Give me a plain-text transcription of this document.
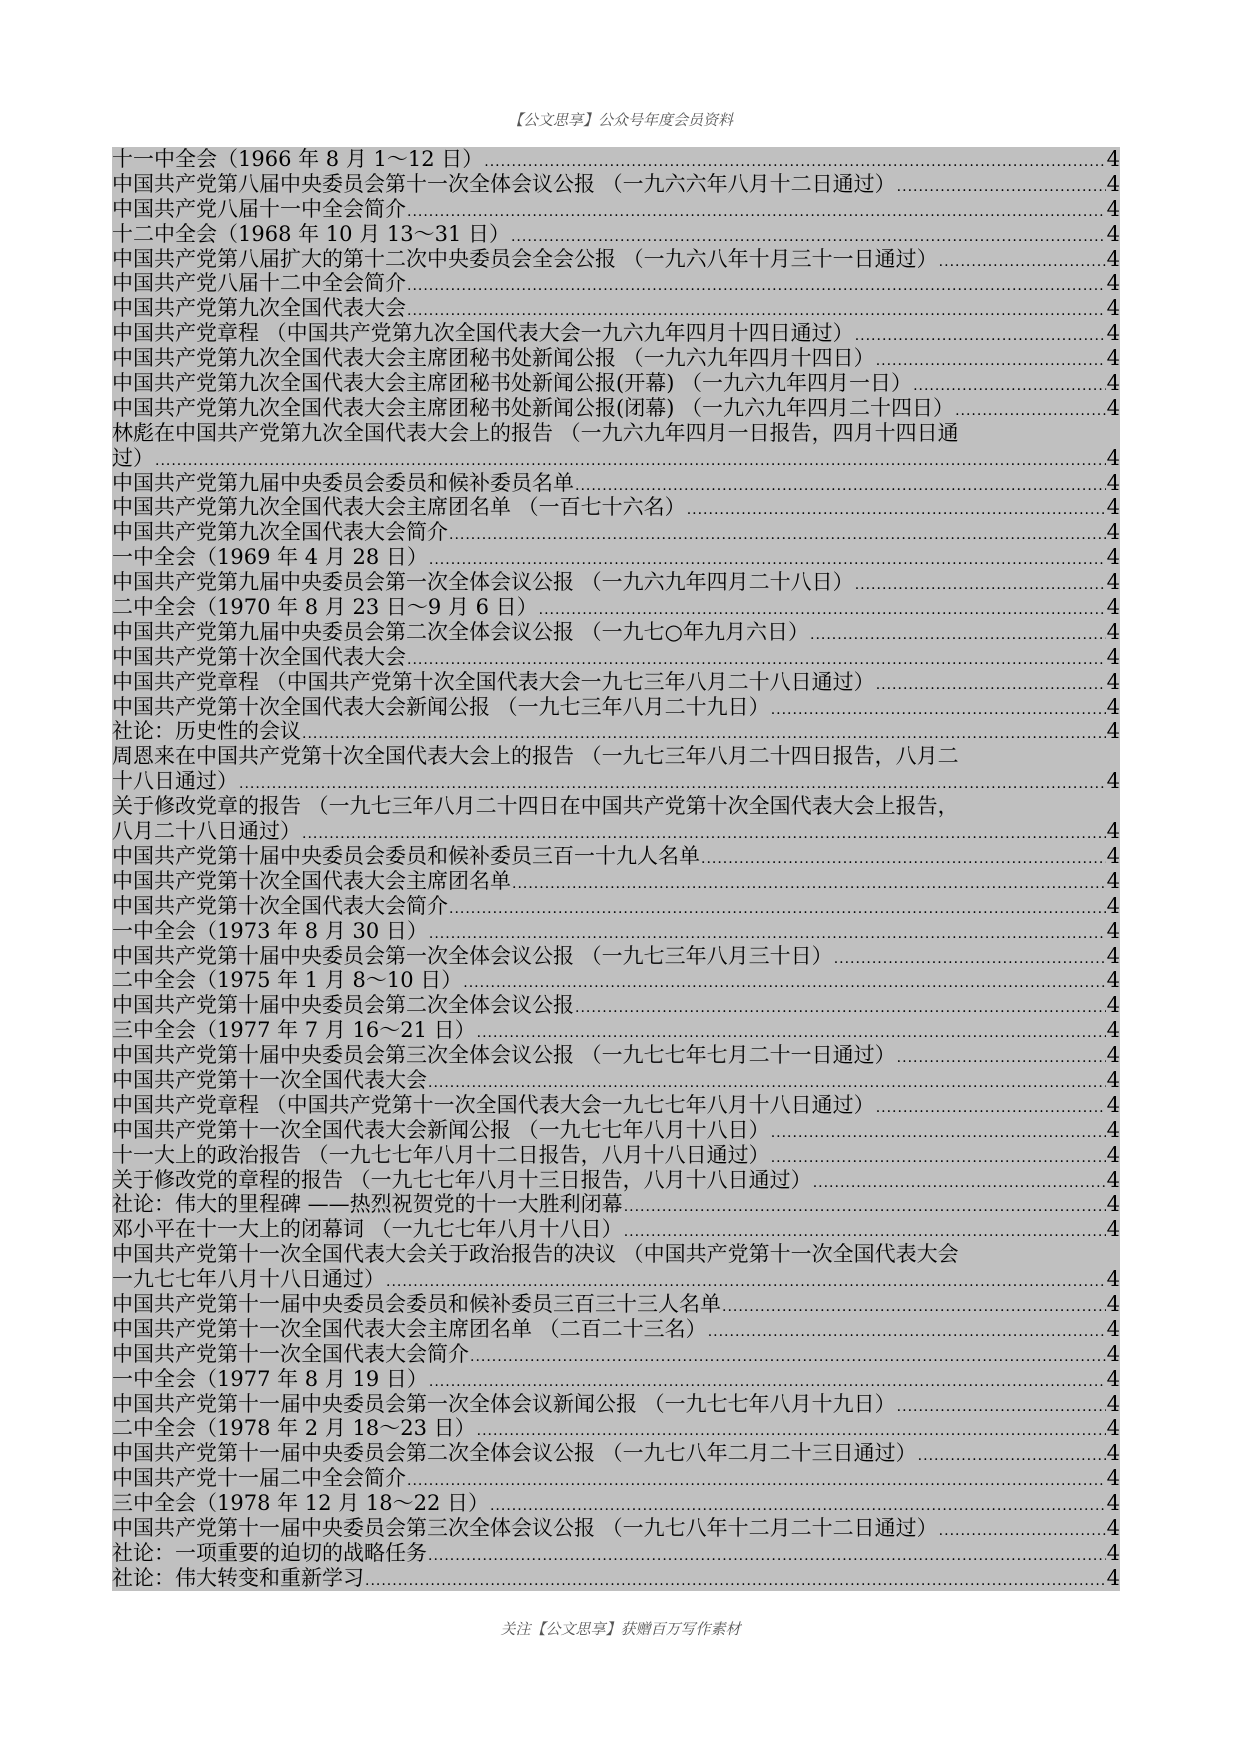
【公文思享】公众号年度会员资料
十一中全会（1966 年 8 月 1～12 日） .....	4
中国共产党第八届中央委员会第十一次全体会议公报 （一九六六年八月十二日通过） .....	4
中国共产党八届十一中全会简介 .....	4
十二中全会（1968 年 10 月 13～31 日） .....	4
中国共产党第八届扩大的第十二次中央委员会全会公报 （一九六八年十月三十一日通过） .....	4
中国共产党八届十二中全会简介 .....	4
中国共产党第九次全国代表大会 .....	4
中国共产党章程 （中国共产党第九次全国代表大会一九六九年四月十四日通过） .....	4
中国共产党第九次全国代表大会主席团秘书处新闻公报 （一九六九年四月十四日） .....	4
中国共产党第九次全国代表大会主席团秘书处新闻公报(开幕) （一九六九年四月一日） .....	4
中国共产党第九次全国代表大会主席团秘书处新闻公报(闭幕) （一九六九年四月二十四日） .....	4
林彪在中国共产党第九次全国代表大会上的报告 （一九六九年四月一日报告，四月十四日通
过） .....	4
中国共产党第九届中央委员会委员和候补委员名单 .....	4
中国共产党第九次全国代表大会主席团名单 （一百七十六名） .....	4
中国共产党第九次全国代表大会简介 .....	4
一中全会（1969 年 4 月 28 日） .....	4
中国共产党第九届中央委员会第一次全体会议公报 （一九六九年四月二十八日） .....	4
二中全会（1970 年 8 月 23 日～9 月 6 日） .....	4
中国共产党第九届中央委员会第二次全体会议公报 （一九七○年九月六日） .....	4
中国共产党第十次全国代表大会 .....	4
中国共产党章程 （中国共产党第十次全国代表大会一九七三年八月二十八日通过） .....	4
中国共产党第十次全国代表大会新闻公报 （一九七三年八月二十九日） .....	4
社论：历史性的会议 .....	4
周恩来在中国共产党第十次全国代表大会上的报告 （一九七三年八月二十四日报告，八月二
十八日通过） .....	4
关于修改党章的报告 （一九七三年八月二十四日在中国共产党第十次全国代表大会上报告，
八月二十八日通过） .....	4
中国共产党第十届中央委员会委员和候补委员三百一十九人名单 .....	4
中国共产党第十次全国代表大会主席团名单 .....	4
中国共产党第十次全国代表大会简介 .....	4
一中全会（1973 年 8 月 30 日） .....	4
中国共产党第十届中央委员会第一次全体会议公报 （一九七三年八月三十日） .....	4
二中全会（1975 年 1 月 8～10 日） .....	4
中国共产党第十届中央委员会第二次全体会议公报 .....	4
三中全会（1977 年 7 月 16～21 日） .....	4
中国共产党第十届中央委员会第三次全体会议公报 （一九七七年七月二十一日通过） .....	4
中国共产党第十一次全国代表大会 .....	4
中国共产党章程 （中国共产党第十一次全国代表大会一九七七年八月十八日通过） .....	4
中国共产党第十一次全国代表大会新闻公报 （一九七七年八月十八日） .....	4
十一大上的政治报告 （一九七七年八月十二日报告，八月十八日通过） .....	4
关于修改党的章程的报告 （一九七七年八月十三日报告，八月十八日通过） .....	4
社论：伟大的里程碑 ——热烈祝贺党的十一大胜利闭幕 .....	4
邓小平在十一大上的闭幕词 （一九七七年八月十八日） .....	4
中国共产党第十一次全国代表大会关于政治报告的决议 （中国共产党第十一次全国代表大会
一九七七年八月十八日通过） .....	4
中国共产党第十一届中央委员会委员和候补委员三百三十三人名单 .....	4
中国共产党第十一次全国代表大会主席团名单 （二百二十三名） .....	4
中国共产党第十一次全国代表大会简介 .....	4
一中全会（1977 年 8 月 19 日） .....	4
中国共产党第十一届中央委员会第一次全体会议新闻公报 （一九七七年八月十九日） .....	4
二中全会（1978 年 2 月 18～23 日） .....	4
中国共产党第十一届中央委员会第二次全体会议公报 （一九七八年二月二十三日通过） .....	4
中国共产党十一届二中全会简介 .....	4
三中全会（1978 年 12 月 18～22 日） .....	4
中国共产党第十一届中央委员会第三次全体会议公报 （一九七八年十二月二十二日通过） .....	4
社论：一项重要的迫切的战略任务 .....	4
社论：伟大转变和重新学习 .....	4
关注【公文思享】获赠百万写作素材
